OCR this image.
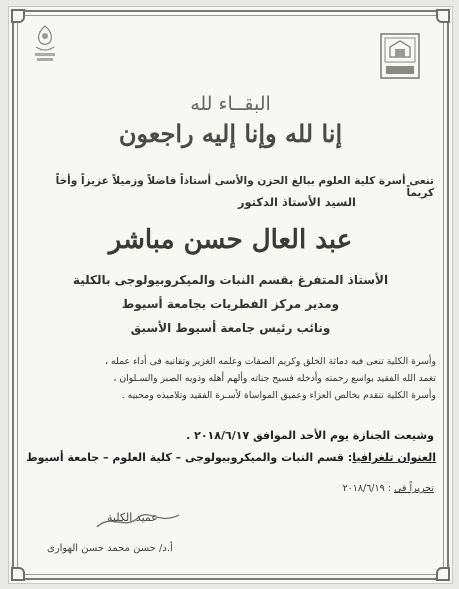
البقــاء لله
إنا لله وإنا إليه راجعون
تنعى أسرة كلية العلوم ببالغ الحزن والأسى أستاذاً فاضلاً وزميلاً عزيزاً وأخاً كريماً
السيد الأستاذ الدكتور
عبد العال حسن مباشر
الأستاذ المتفرغ بقسم النبات والميكروبيولوجى بالكلية
ومدير مركز الفطريات بجامعة أسيوط
ونائب رئيس جامعة أسيوط الأسبق
وأسرة الكلية تنعى فيه دماثة الخلق وكريم الصفات وعلمه الغزير وتفانيه فى أداء عمله ،
تغمد الله الفقيد بواسع رحمته وأدخله فسيح جناته وألهم أهله وذويه الصبر والسـلوان ،
وأسرة الكلية تتقدم بخالص العزاء وعميق المواساة لأسـرة الفقيد وتلاميذه ومحبيه .
وشيعت الجنازة يوم الأحد الموافق ٢٠١٨/٦/١٧ .
العنوان تلغرافيا: قسم النبات والميكروبيولوجى – كلية العلوم – جامعة أسيوط
تحريراً فى : ٢٠١٨/٦/١٩
عميد الكلية
أ.د/ حسن محمد حسن الهوارى
